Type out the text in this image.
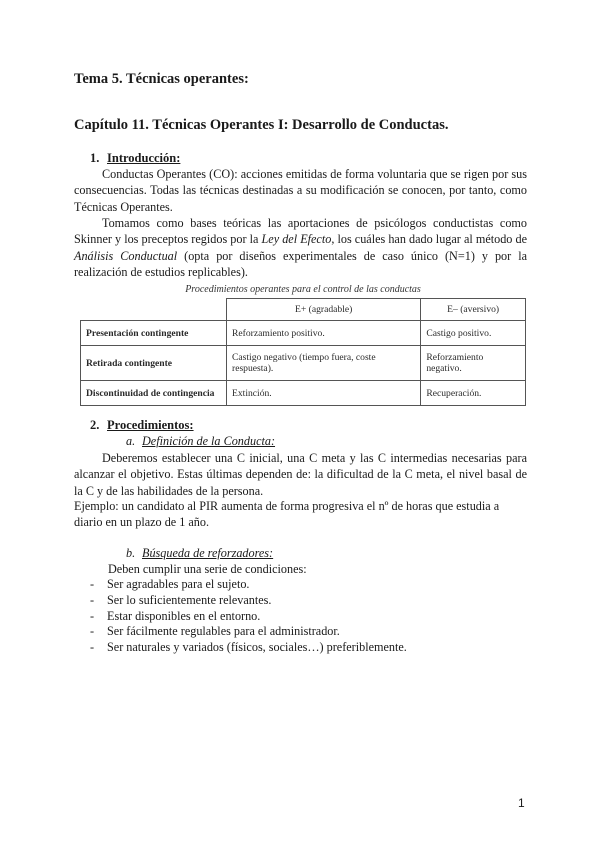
Tema 5. Técnicas operantes:
Capítulo 11. Técnicas Operantes I: Desarrollo de Conductas.
1. Introducción:

Conductas Operantes (CO): acciones emitidas de forma voluntaria que se rigen por sus consecuencias. Todas las técnicas destinadas a su modificación se conocen, por tanto, como Técnicas Operantes.

Tomamos como bases teóricas las aportaciones de psicólogos conductistas como Skinner y los preceptos regidos por la Ley del Efecto, los cuáles han dado lugar al método de Análisis Conductual (opta por diseños experimentales de caso único (N=1) y por la realización de estudios replicables).

Procedimientos operantes para el control de las conductas
	E+ (agradable)	E– (aversivo)
Presentación contingente	Reforzamiento positivo.	Castigo positivo.
Retirada contingente	Castigo negativo (tiempo fuera, coste respuesta).	Reforzamiento negativo.
Discontinuidad de contingencia	Extinción.	Recuperación.
2. Procedimientos:
a. Definición de la Conducta:

Deberemos establecer una C inicial, una C meta y las C intermedias necesarias para alcanzar el objetivo. Estas últimas dependen de: la dificultad de la C meta, el nivel basal de la C y de las habilidades de la persona.

Ejemplo: un candidato al PIR aumenta de forma progresiva el nº de horas que estudia a diario en un plazo de 1 año.

b. Búsqueda de reforzadores:
Deben cumplir una serie de condiciones:
- Ser agradables para el sujeto.
- Ser lo suficientemente relevantes.
- Estar disponibles en el entorno.
- Ser fácilmente regulables para el administrador.
- Ser naturales y variados (físicos, sociales…) preferiblemente.
1
